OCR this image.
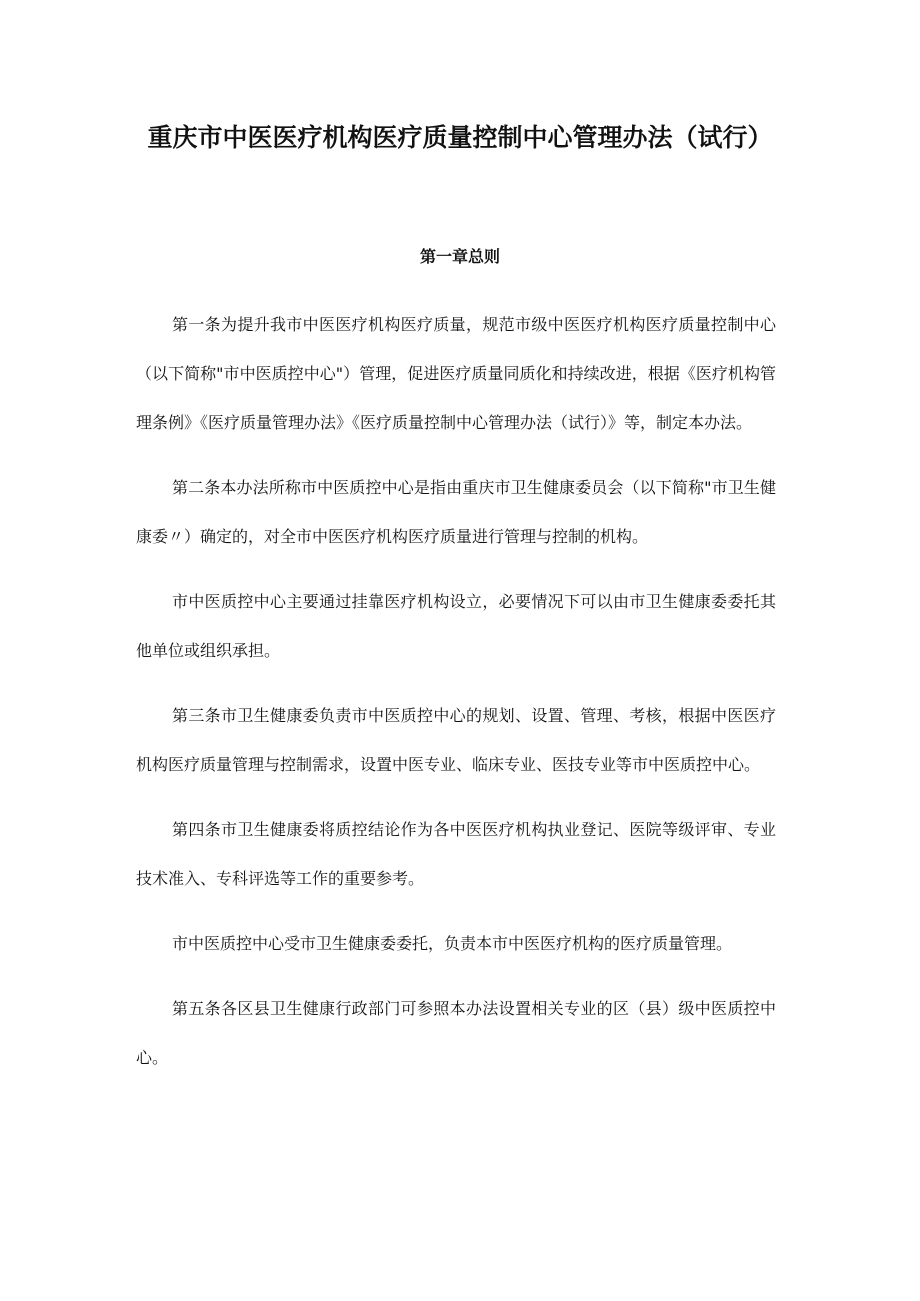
重庆市中医医疗机构医疗质量控制中心管理办法（试行）
第一章总则

第一条为提升我市中医医疗机构医疗质量，规范市级中医医疗机构医疗质量控制中心（以下简称"市中医质控中心"）管理，促进医疗质量同质化和持续改进，根据《医疗机构管理条例》《医疗质量管理办法》《医疗质量控制中心管理办法（试行）》等，制定本办法。

第二条本办法所称市中医质控中心是指由重庆市卫生健康委员会（以下简称"市卫生健康委〃）确定的，对全市中医医疗机构医疗质量进行管理与控制的机构。

市中医质控中心主要通过挂靠医疗机构设立，必要情况下可以由市卫生健康委委托其他单位或组织承担。

第三条市卫生健康委负责市中医质控中心的规划、设置、管理、考核，根据中医医疗机构医疗质量管理与控制需求，设置中医专业、临床专业、医技专业等市中医质控中心。

第四条市卫生健康委将质控结论作为各中医医疗机构执业登记、医院等级评审、专业技术准入、专科评选等工作的重要参考。

市中医质控中心受市卫生健康委委托，负责本市中医医疗机构的医疗质量管理。

第五条各区县卫生健康行政部门可参照本办法设置相关专业的区（县）级中医质控中心。
